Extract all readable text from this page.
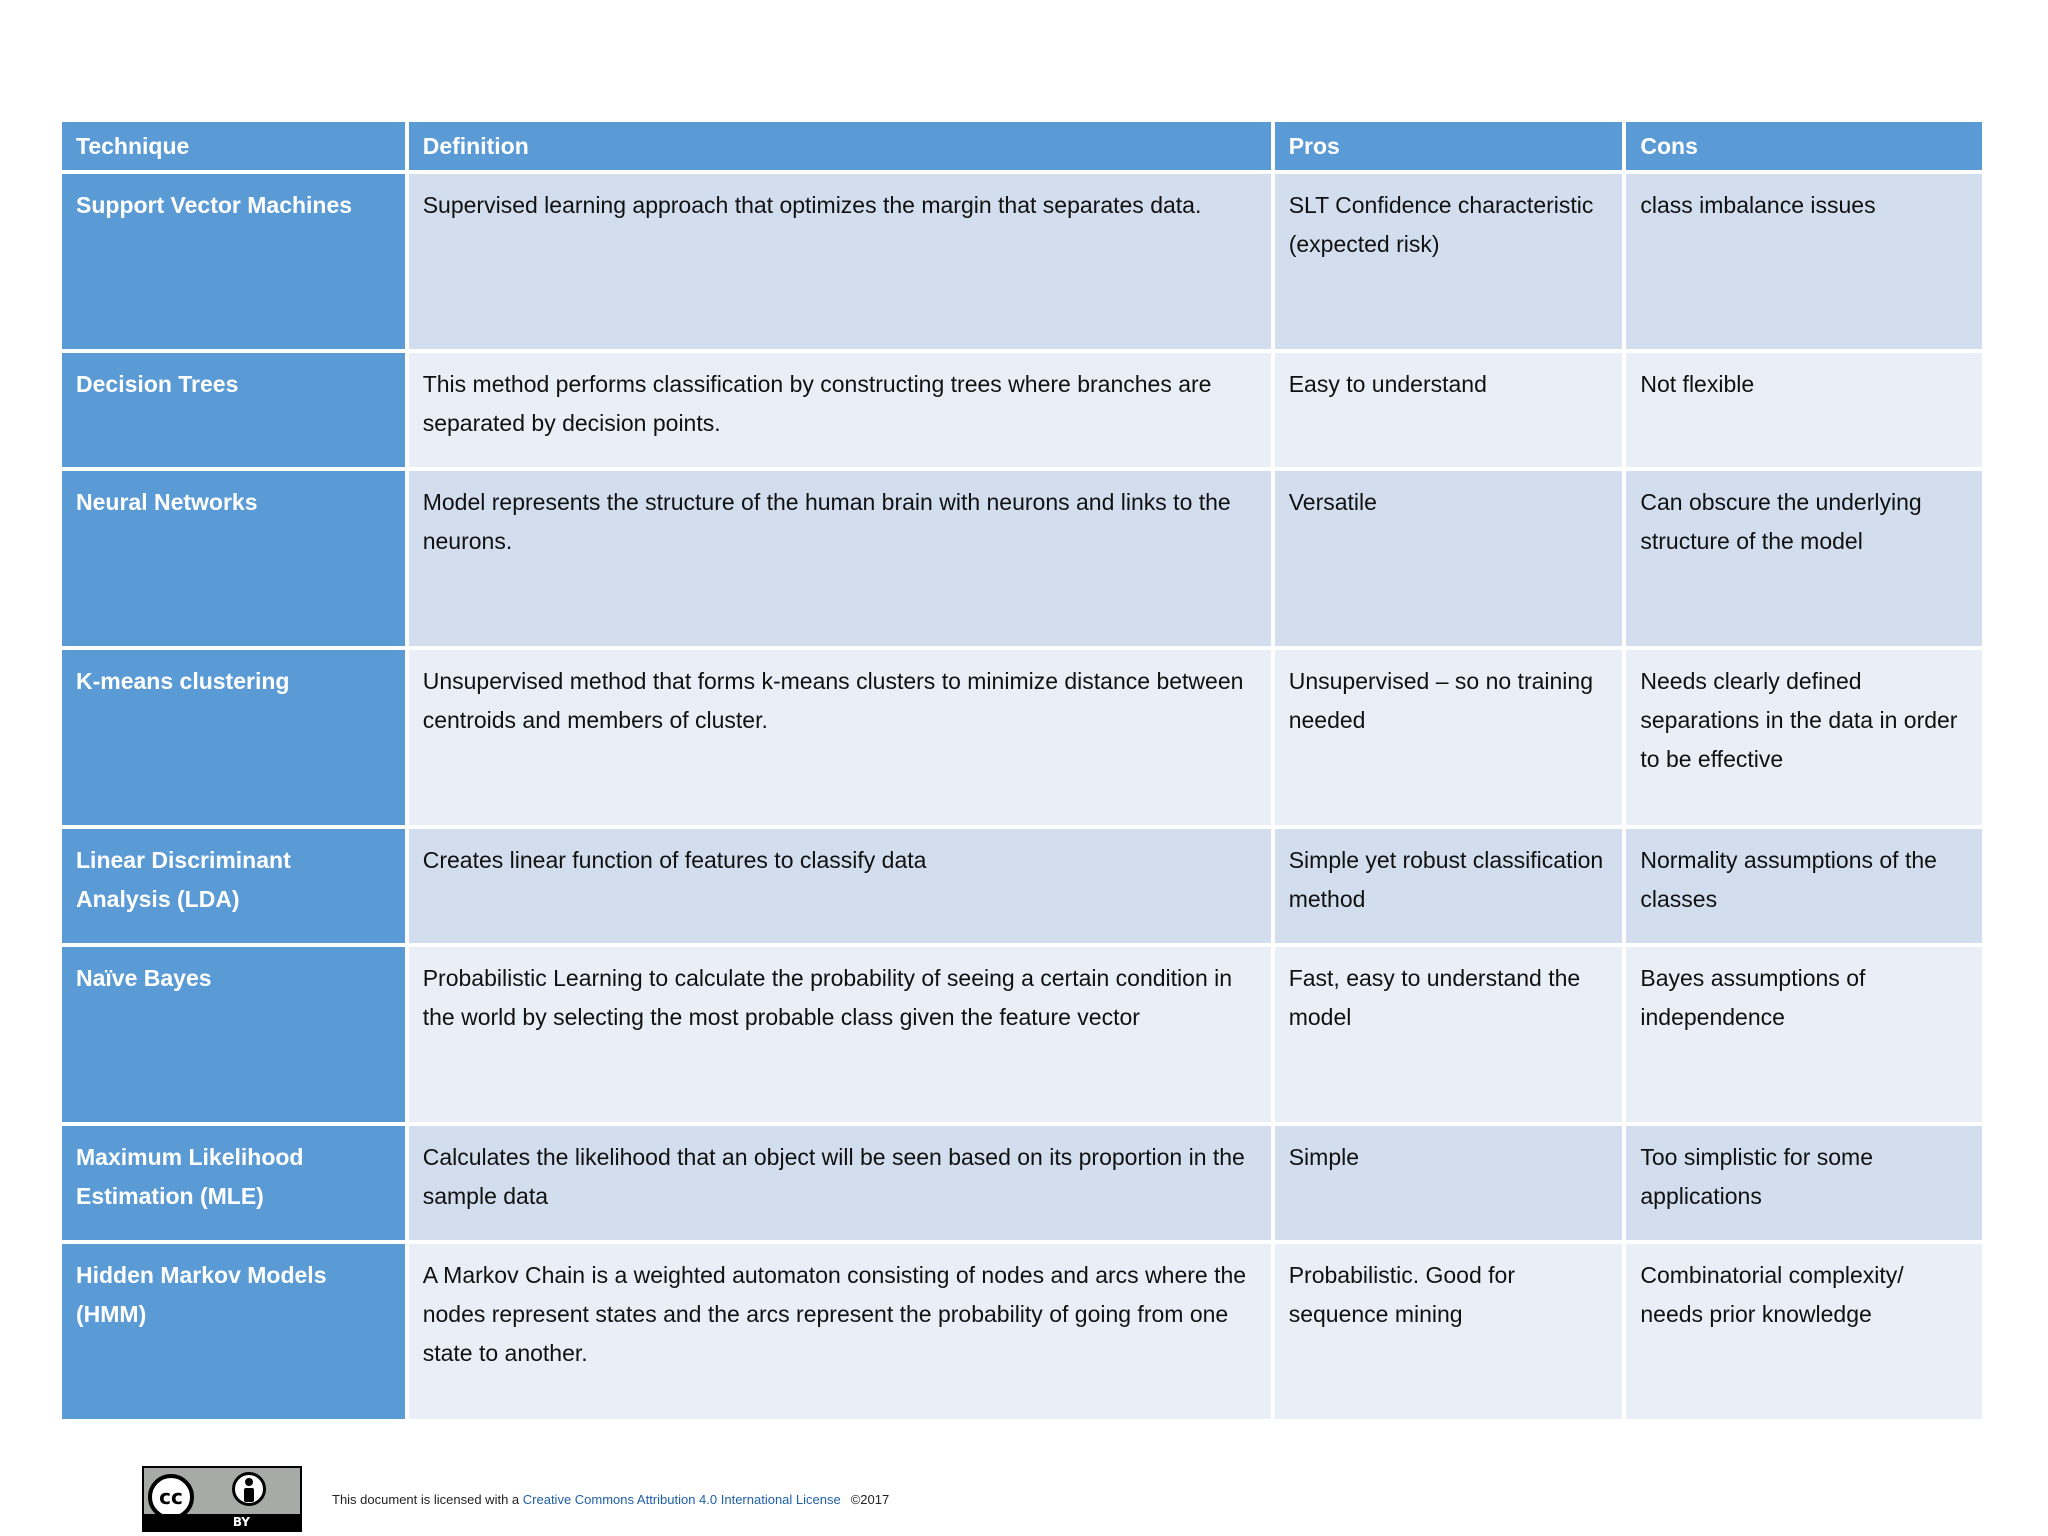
Technique	Definition	Pros	Cons
Support Vector Machines	Supervised learning approach that optimizes the margin that separates data.	SLT Confidence characteristic (expected risk)	class imbalance issues
Decision Trees	This method performs classification by constructing trees where branches are separated by decision points.	Easy to understand	Not flexible
Neural Networks	Model represents the structure of the human brain with neurons and links to the neurons.	Versatile	Can obscure the underlying structure of the model
K-means clustering	Unsupervised method that forms k-means clusters to minimize distance between centroids and members of cluster.	Unsupervised – so no training needed	Needs clearly defined separations in the data in order to be effective
Linear Discriminant Analysis (LDA)	Creates linear function of features to classify data	Simple yet robust classification method	Normality assumptions of the classes
Naïve Bayes	Probabilistic Learning to calculate the probability of seeing a certain condition in the world by selecting the most probable class given the feature vector	Fast, easy to understand the model	Bayes assumptions of independence
Maximum Likelihood Estimation (MLE)	Calculates the likelihood that an object will be seen based on its proportion in the sample data	Simple	Too simplistic for some applications
Hidden Markov Models (HMM)	A Markov Chain is a weighted automaton consisting of nodes and arcs where the nodes represent states and the arcs represent the probability of going from one state to another.	Probabilistic. Good for sequence mining	Combinatorial complexity/ needs prior knowledge
cc
BY
This document is licensed with a Creative Commons Attribution 4.0 International License ©2017
